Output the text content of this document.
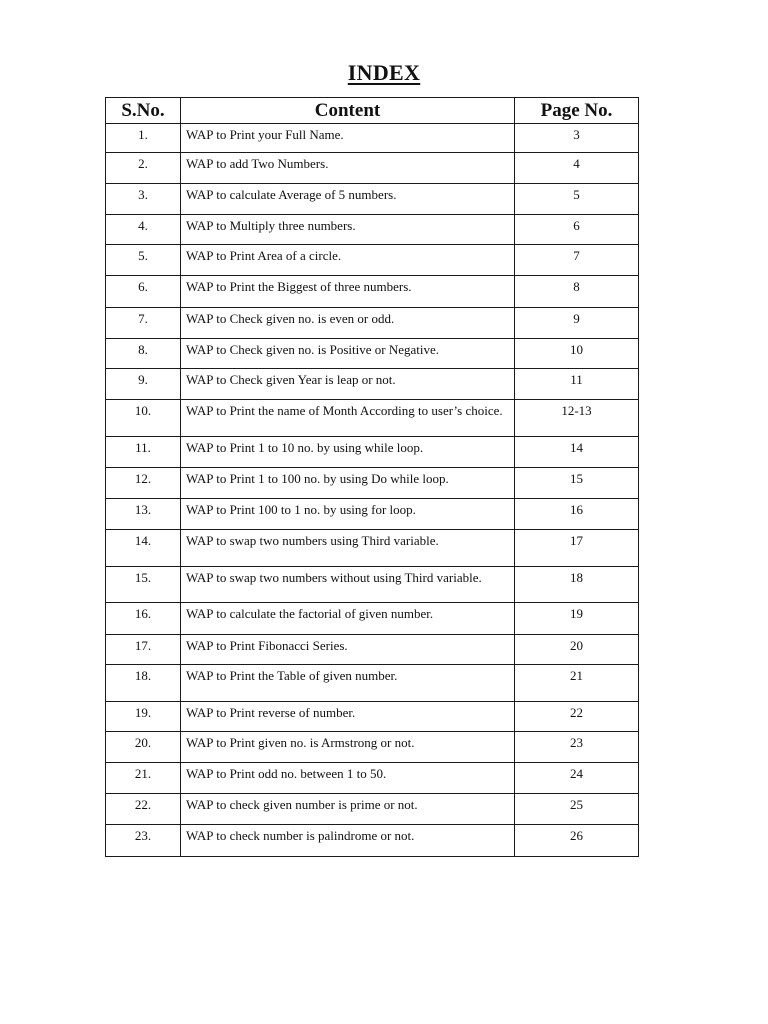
INDEX
S.No.	Content	Page No.
1.	WAP to Print your Full Name.	3
2.	WAP to add Two Numbers.	4
3.	WAP to calculate Average of 5 numbers.	5
4.	WAP to Multiply three numbers.	6
5.	WAP to Print Area of a circle.	7
6.	WAP to Print the Biggest of three numbers.	8
7.	WAP to Check given no. is even or odd.	9
8.	WAP to Check given no. is Positive or Negative.	10
9.	WAP to Check given Year is leap or not.	11
10.	WAP to Print the name of Month According to user’s choice.	12-13
11.	WAP to Print 1 to 10 no. by using while loop.	14
12.	WAP to Print 1 to 100 no. by using Do while loop.	15
13.	WAP to Print 100 to 1 no. by using for loop.	16
14.	WAP to swap two numbers using Third variable.	17
15.	WAP to swap two numbers without using Third variable.	18
16.	WAP to calculate the factorial of given number.	19
17.	WAP to Print Fibonacci Series.	20
18.	WAP to Print the Table of given number.	21
19.	WAP to Print reverse of number.	22
20.	WAP to Print given no. is Armstrong or not.	23
21.	WAP to Print odd no. between 1 to 50.	24
22.	WAP to check given number is prime or not.	25
23.	WAP to check number is palindrome or not.	26
